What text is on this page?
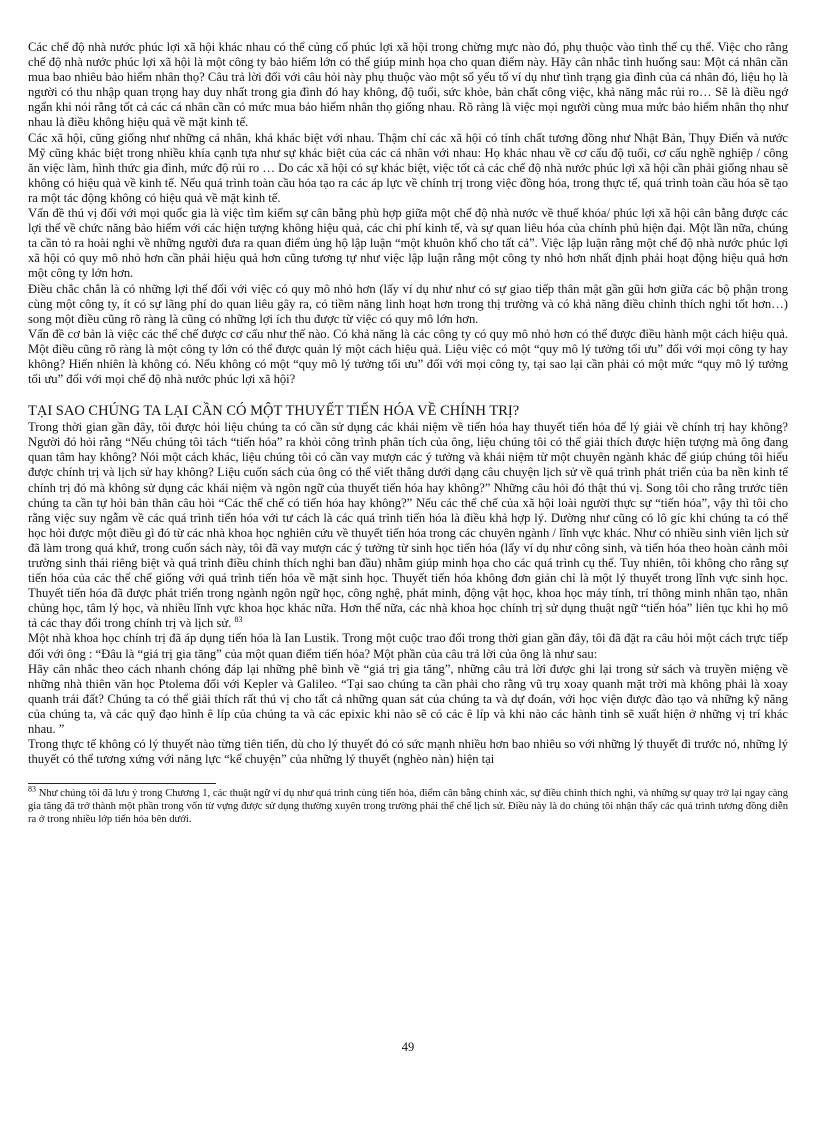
Các chế độ nhà nước phúc lợi xã hội khác nhau có thể củng cố phúc lợi xã hội trong chừng mực nào đó, phụ thuộc vào tình thế cụ thể. Việc cho rằng chế độ nhà nước phúc lợi xã hội là một công ty bảo hiểm lớn có thể giúp minh họa cho quan điểm này. Hãy cân nhắc tình huống sau: Một cá nhân cần mua bao nhiêu bảo hiểm nhân thọ? Câu trả lời đối với câu hỏi này phụ thuộc vào một số yếu tố ví dụ như tình trạng gia đình của cá nhân đó, liệu họ là người có thu nhập quan trọng hay duy nhất trong gia đình đó hay không, độ tuổi, sức khỏe, bản chất công việc, khả năng mắc rủi ro… Sẽ là điều ngớ ngẩn khi nói rằng tốt cả các cá nhân cần có mức mua bảo hiểm nhân thọ giống nhau. Rõ ràng là việc mọi người cùng mua mức bảo hiểm nhân thọ như nhau là điều không hiệu quả về mặt kinh tế.

Các xã hội, cũng giống như những cá nhân, khá khác biệt với nhau. Thậm chí các xã hội có tính chất tương đồng như Nhật Bản, Thụy Điển và nước Mỹ cũng khác biệt trong nhiều khía cạnh tựa như sự khác biệt của các cá nhân với nhau: Họ khác nhau về cơ cấu độ tuổi, cơ cấu nghề nghiệp / công ăn việc làm, hình thức gia đình, mức độ rủi ro … Do các xã hội có sự khác biệt, việc tốt cả các chế độ nhà nước phúc lợi xã hội cần phải giống nhau sẽ không có hiệu quả về kinh tế. Nếu quá trình toàn cầu hóa tạo ra các áp lực về chính trị trong việc đồng hóa, trong thực tế, quá trình toàn cầu hóa sẽ tạo ra một tác động không có hiệu quả về mặt kinh tế.

Vấn đề thú vị đối với mọi quốc gia là việc tìm kiếm sự cân bằng phù hợp giữa một chế độ nhà nước về thuế khóa/ phúc lợi xã hội cân bằng được các lợi thế về chức năng bảo hiểm với các hiện tượng không hiệu quả, các chi phí kinh tế, và sự quan liêu hóa của chính phủ hiện đại. Một lần nữa, chúng ta cần tỏ ra hoài nghi về những người đưa ra quan điểm ủng hộ lập luận “một khuôn khổ cho tất cả”. Việc lập luận rằng một chế độ nhà nước phúc lợi xã hội có quy mô nhỏ hơn cần phải hiệu quả hơn cũng tương tự như việc lập luận rằng một công ty nhỏ hơn nhất định phải hoạt động hiệu quả hơn một công ty lớn hơn.

Điều chắc chắn là có những lợi thế đối với việc có quy mô nhỏ hơn (lấy ví dụ như như có sự giao tiếp thân mật gần gũi hơn giữa các bộ phận trong cùng một công ty, ít có sự lãng phí do quan liêu gây ra, có tiềm năng linh hoạt hơn trong thị trường và có khả năng điều chỉnh thích nghi tốt hơn…) song một điều cũng rõ ràng là cũng có những lợi ích thu được từ việc có quy mô lớn hơn.

Vấn đề cơ bản là việc các thể chế được cơ cấu như thế nào. Có khả năng là các công ty có quy mô nhỏ hơn có thể được điều hành một cách hiệu quả. Một điều cũng rõ ràng là một công ty lớn có thể được quản lý một cách hiệu quả. Liệu việc có một “quy mô lý tưởng tối ưu” đối với mọi công ty hay không? Hiển nhiên là không có. Nếu không có một “quy mô lý tưởng tối ưu” đối với mọi công ty, tại sao lại cần phải có một mức “quy mô lý tưởng tối ưu” đối với mọi chế độ nhà nước phúc lợi xã hội?

TẠI SAO CHÚNG TA LẠI CẦN CÓ MỘT THUYẾT TIẾN HÓA VỀ CHÍNH TRỊ?

Trong thời gian gần đây, tôi được hỏi liệu chúng ta có cần sử dụng các khái niệm về tiến hóa hay thuyết tiến hóa để lý giải về chính trị hay không? Người đó hỏi rằng “Nếu chúng tôi tách “tiến hóa” ra khỏi công trình phân tích của ông, liệu chúng tôi có thể giải thích được hiện tượng mà ông đang quan tâm hay không? Nói một cách khác, liệu chúng tôi có cần vay mượn các ý tưởng và khái niệm từ một chuyên ngành khác để giúp chúng tôi hiểu được chính trị và lịch sử hay không? Liệu cuốn sách của ông có thể viết thẳng dưới dạng câu chuyện lịch sử về quá trình phát triển của ba nền kinh tế chính trị đó mà không sử dụng các khái niệm và ngôn ngữ của thuyết tiến hóa hay không?” Những câu hỏi đó thật thú vị. Song tôi cho rằng trước tiên chúng ta cần tự hỏi bản thân câu hỏi “Các thể chế có tiến hóa hay không?” Nếu các thể chế của xã hội loài người thực sự “tiến hóa”, vậy thì tôi cho rằng việc suy ngẫm về các quá trình tiến hóa với tư cách là các quá trình tiến hóa là điều khả hợp lý. Dường như cũng có lô gíc khi chúng ta có thể học hỏi được một điều gì đó từ các nhà khoa học nghiên cứu về thuyết tiến hóa trong các chuyên ngành / lĩnh vực khác. Như có nhiều sinh viên lịch sử đã làm trong quá khứ, trong cuốn sách này, tôi đã vay mượn các ý tưởng từ sinh học tiến hóa (lấy ví dụ như công sinh, và tiến hóa theo hoàn cảnh môi trường sinh thái riêng biệt và quá trình điều chỉnh thích nghi ban đầu) nhằm giúp minh họa cho các quá trình cụ thể. Tuy nhiên, tôi không cho rằng sự tiến hóa của các thể chế giống với quá trình tiến hóa về mặt sinh học. Thuyết tiến hóa không đơn giản chỉ là một lý thuyết trong lĩnh vực sinh học. Thuyết tiến hóa đã được phát triển trong ngành ngôn ngữ học, công nghệ, phát minh, động vật học, khoa học máy tính, trí thông minh nhân tạo, nhân chủng học, tâm lý học, và nhiều lĩnh vực khoa học khác nữa. Hơn thế nữa, các nhà khoa học chính trị sử dụng thuật ngữ “tiến hóa” liên tục khi họ mô tả các thay đổi trong chính trị và lịch sử. $^{83}$

Một nhà khoa học chính trị đã áp dụng tiến hóa là Ian Lustik. Trong một cuộc trao đổi trong thời gian gần đây, tôi đã đặt ra câu hỏi một cách trực tiếp đối với ông : “Đâu là “giá trị gia tăng” của một quan điểm tiến hóa? Một phần của câu trả lời của ông là như sau:

Hãy cân nhắc theo cách nhanh chóng đáp lại những phê bình về “giá trị gia tăng”, những câu trả lời được ghi lại trong sử sách và truyền miệng về những nhà thiên văn học Ptolema đối với Kepler và Galileo. “Tại sao chúng ta cần phải cho rằng vũ trụ xoay quanh mặt trời mà không phải là xoay quanh trái đất? Chúng ta có thể giải thích rất thú vị cho tất cả những quan sát của chúng ta và dự đoán, với học viện được đào tạo và những kỹ năng của chúng ta, và các quỹ đạo hình ê líp của chúng ta và các epixic khi nào sẽ có các ê líp và khi nào các hành tinh sẽ xuất hiện ở những vị trí khác nhau. ”

Trong thực tế không có lý thuyết nào từng tiên tiến, dù cho lý thuyết đó có sức mạnh nhiều hơn bao nhiêu so với những lý thuyết đi trước nó, những lý thuyết có thể tương xứng với năng lực “kể chuyện” của những lý thuyết (nghèo nàn) hiện tại

$^{83}$ Như chúng tôi đã lưu ý trong Chương 1, các thuật ngữ ví dụ như quá trình cùng tiến hóa, điểm cân bằng chính xác, sự điều chỉnh thích nghi, và những sự quay trở lại ngay càng gia tăng đã trở thành một phần trong vốn từ vựng được sử dụng thường xuyên trong trường phái thể chế lịch sử. Điều này là do chúng tôi nhận thấy các quá trình tương đồng diễn ra ở trong nhiều lớp tiến hóa bên dưới.

49
